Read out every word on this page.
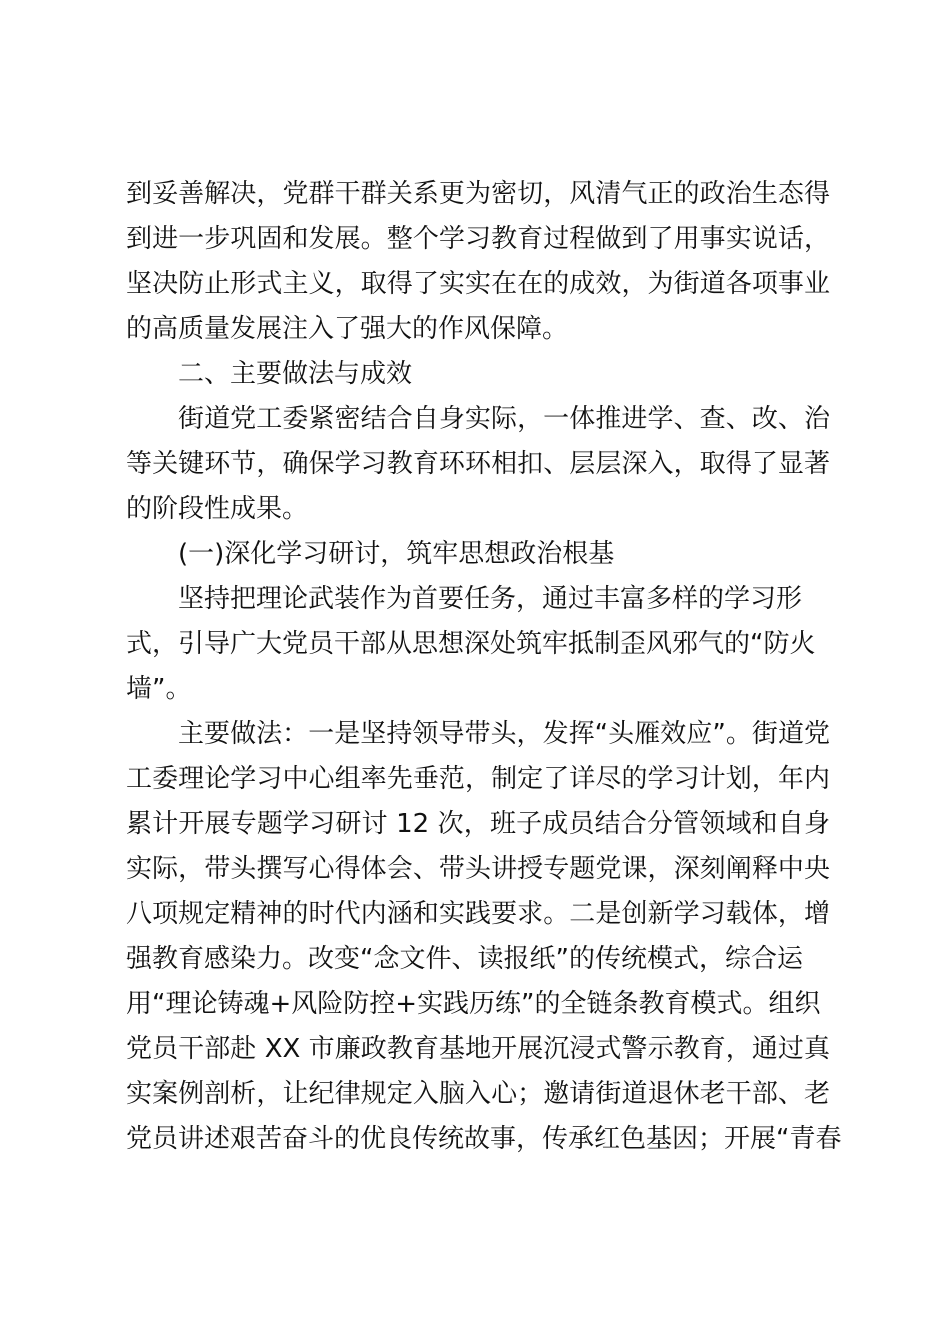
到妥善解决，党群干群关系更为密切，风清气正的政治生态得
到进一步巩固和发展。整个学习教育过程做到了用事实说话，
坚决防止形式主义，取得了实实在在的成效，为街道各项事业
的高质量发展注入了强大的作风保障。
二、主要做法与成效
街道党工委紧密结合自身实际，一体推进学、查、改、治
等关键环节，确保学习教育环环相扣、层层深入，取得了显著
的阶段性成果。
(一)深化学习研讨，筑牢思想政治根基
坚持把理论武装作为首要任务，通过丰富多样的学习形
式，引导广大党员干部从思想深处筑牢抵制歪风邪气的“防火
墙”。
主要做法：一是坚持领导带头，发挥“头雁效应”。街道党
工委理论学习中心组率先垂范，制定了详尽的学习计划，年内
累计开展专题学习研讨 12 次，班子成员结合分管领域和自身
实际，带头撰写心得体会、带头讲授专题党课，深刻阐释中央
八项规定精神的时代内涵和实践要求。二是创新学习载体，增
强教育感染力。改变“念文件、读报纸”的传统模式，综合运
用“理论铸魂+风险防控+实践历练”的全链条教育模式。组织
党员干部赴 XX 市廉政教育基地开展沉浸式警示教育，通过真
实案例剖析，让纪律规定入脑入心；邀请街道退休老干部、老
党员讲述艰苦奋斗的优良传统故事，传承红色基因；开展“青春
